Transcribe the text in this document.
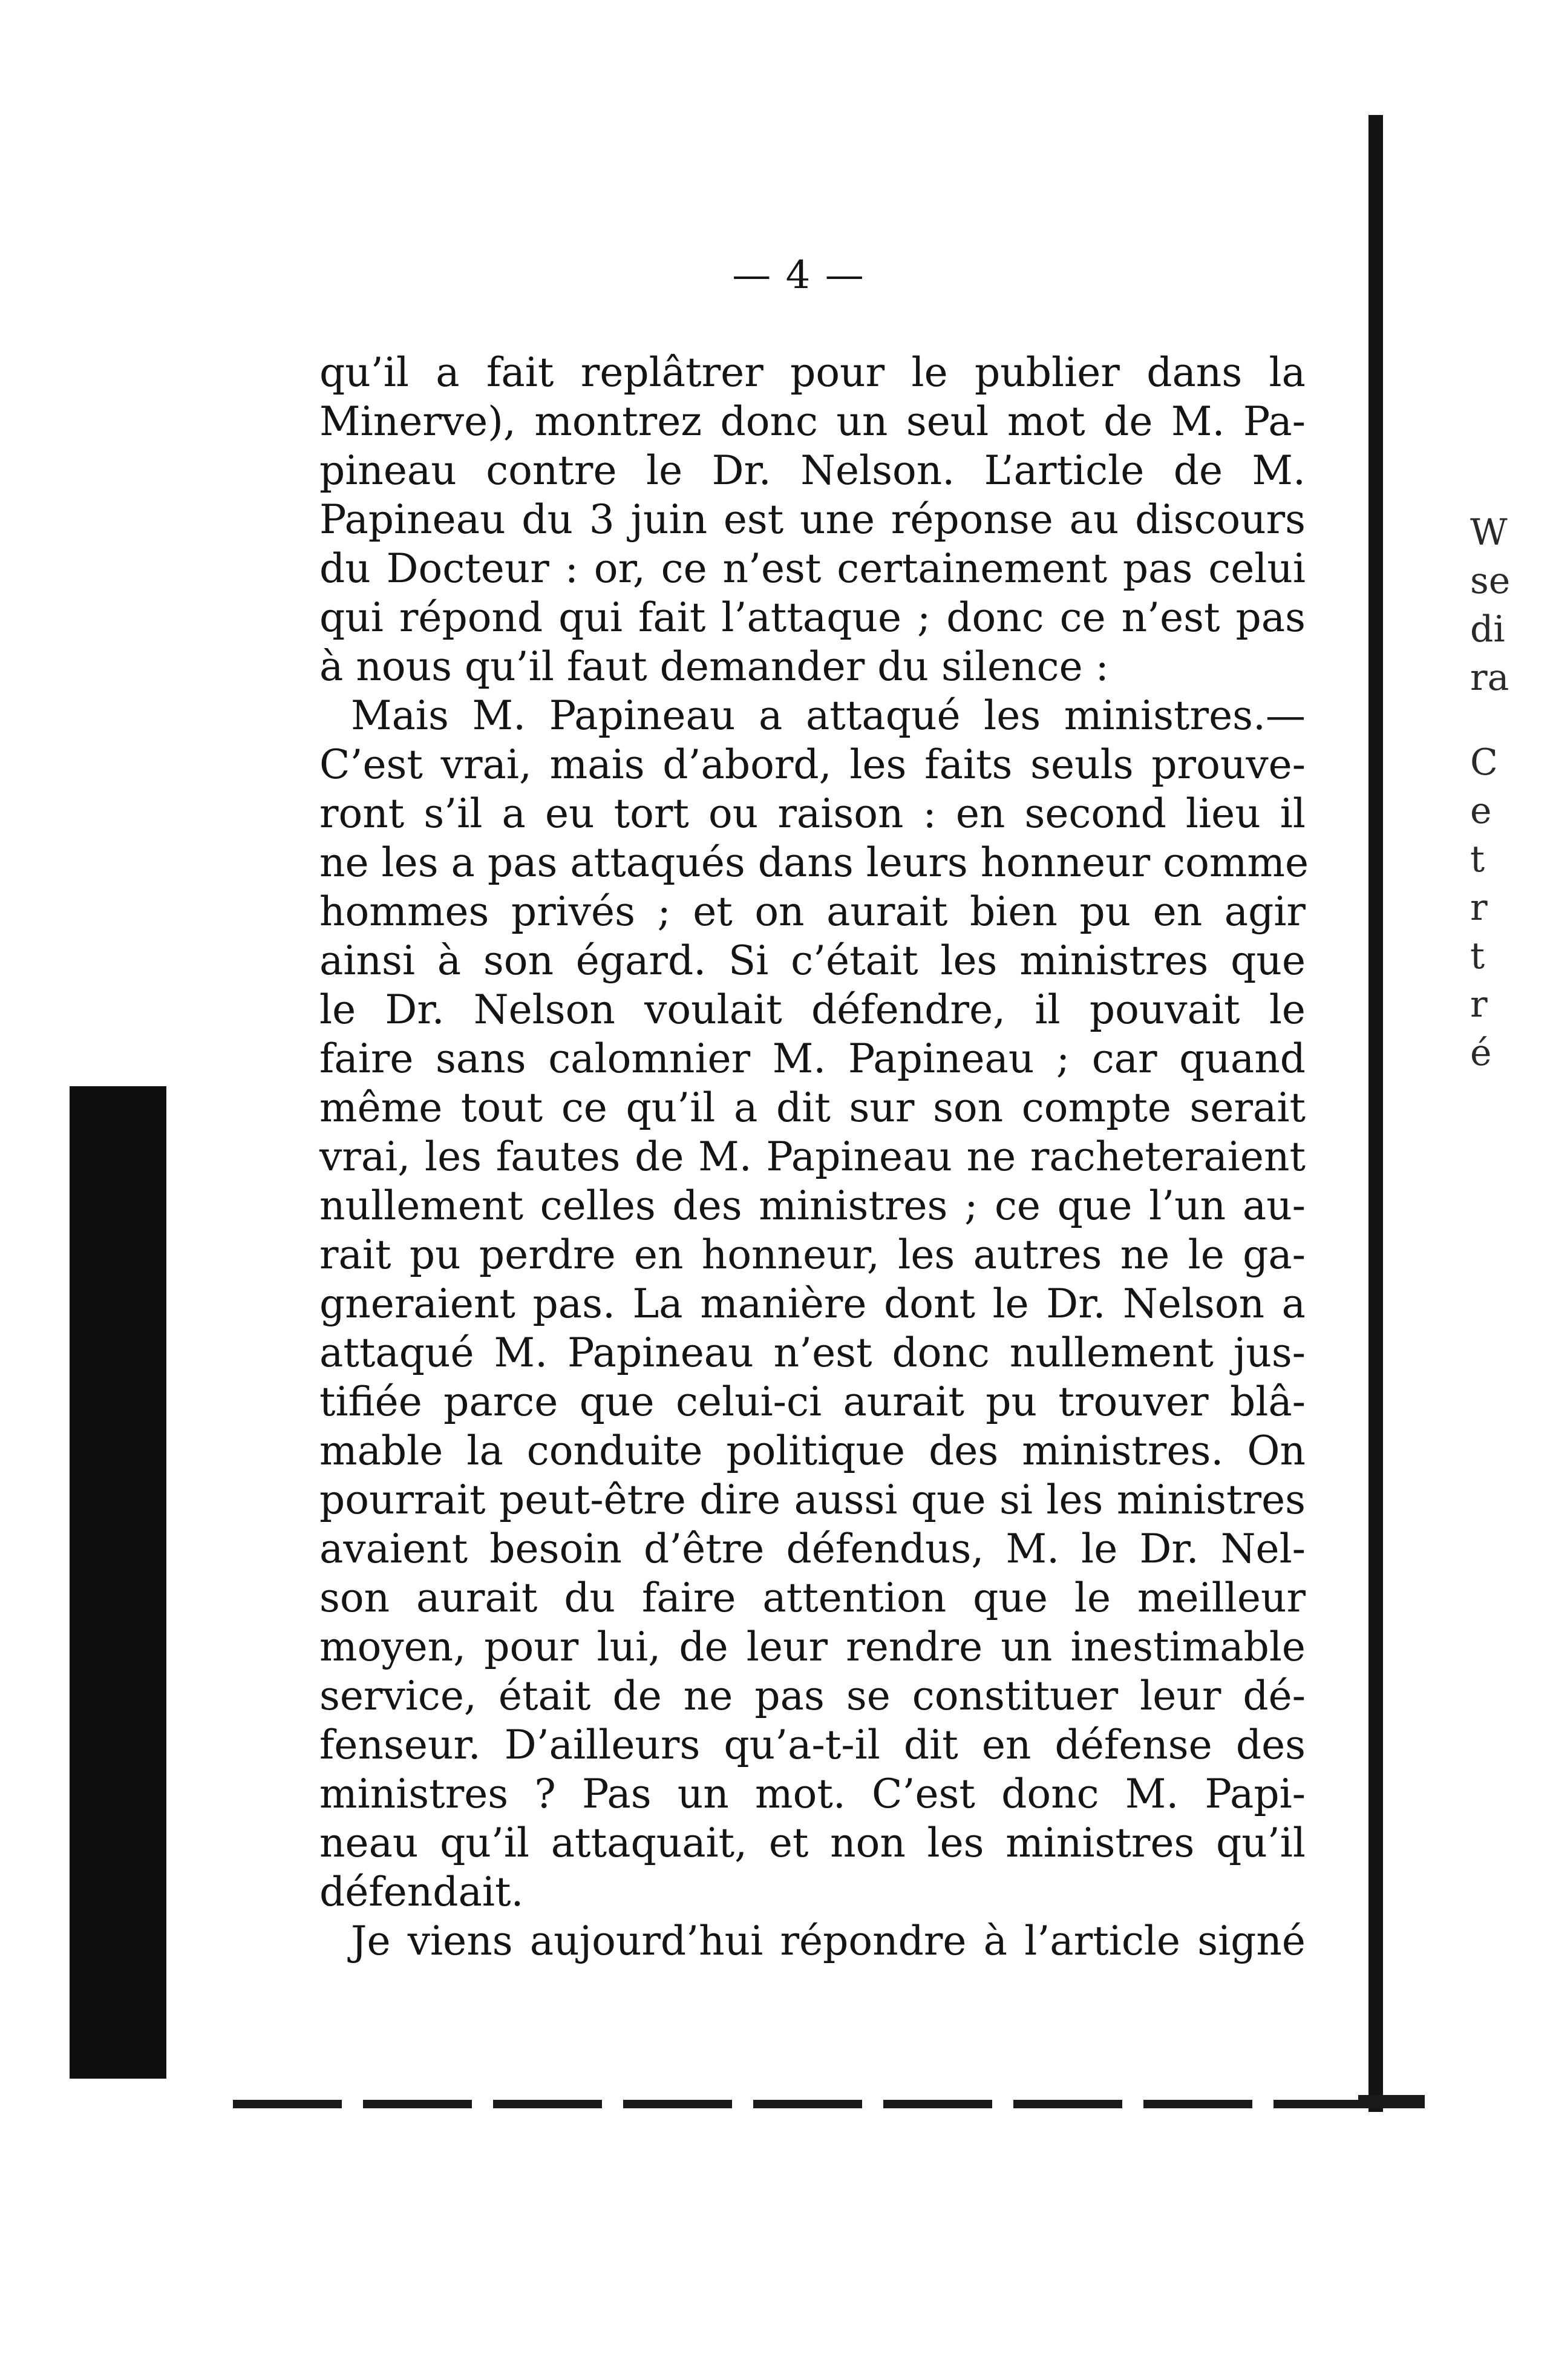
— 4 —
qu’il a fait replâtrer pour le publier dans la
Minerve), montrez donc un seul mot de M. Pa-
pineau contre le Dr. Nelson. L’article de M.
Papineau du 3 juin est une réponse au discours
du Docteur : or, ce n’est certainement pas celui
qui répond qui fait l’attaque ; donc ce n’est pas
à nous qu’il faut demander du silence :
Mais M. Papineau a attaqué les ministres.—
C’est vrai, mais d’abord, les faits seuls prouve-
ront s’il a eu tort ou raison : en second lieu il
ne les a pas attaqués dans leurs honneur comme
hommes privés ; et on aurait bien pu en agir
ainsi à son égard. Si c’était les ministres que
le Dr. Nelson voulait défendre, il pouvait le
faire sans calomnier M. Papineau ; car quand
même tout ce qu’il a dit sur son compte serait
vrai, les fautes de M. Papineau ne racheteraient
nullement celles des ministres ; ce que l’un au-
rait pu perdre en honneur, les autres ne le ga-
gneraient pas. La manière dont le Dr. Nelson a
attaqué M. Papineau n’est donc nullement jus-
tifiée parce que celui-ci aurait pu trouver blâ-
mable la conduite politique des ministres. On
pourrait peut-être dire aussi que si les ministres
avaient besoin d’être défendus, M. le Dr. Nel-
son aurait du faire attention que le meilleur
moyen, pour lui, de leur rendre un inestimable
service, était de ne pas se constituer leur dé-
fenseur. D’ailleurs qu’a-t-il dit en défense des
ministres ? Pas un mot. C’est donc M. Papi-
neau qu’il attaquait, et non les ministres qu’il
défendait.
Je viens aujourd’hui répondre à l’article signé
W
se
di
ra
C
e
t
r
t
r
é
